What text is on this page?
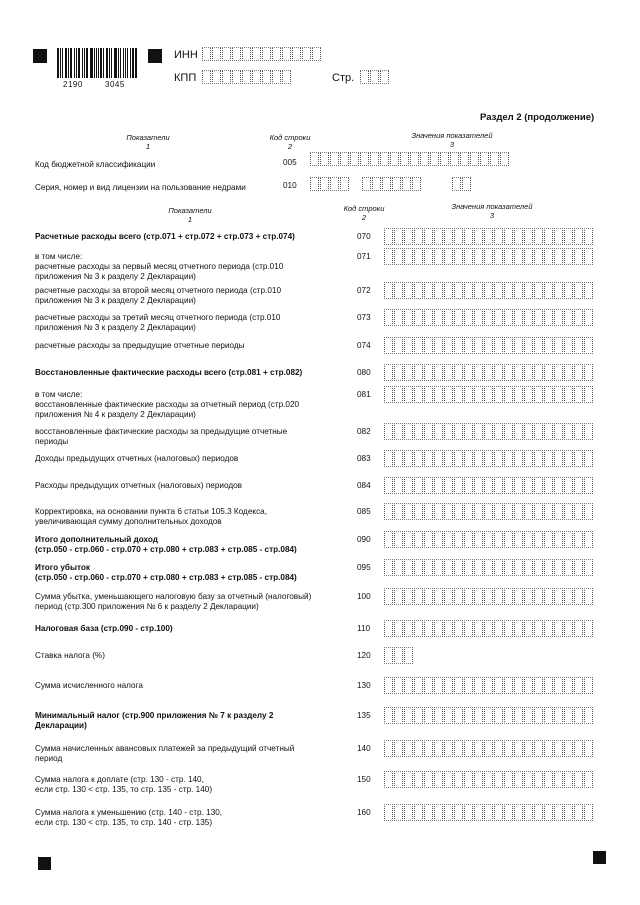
2190	3045
ИНН
КПП	Стр.
Раздел 2 (продолжение)
Показатели
1
Код строки
2
Значения показателей
3
Код бюджетной классификации	005
Серия, номер и вид лицензии на пользование недрами	010
Показатели
1
Код строки
2
Значения показателей
3
Расчетные расходы всего (стр.071 + стр.072 + стр.073 + стр.074)	070
в том числе:
расчетные расходы за первый месяц отчетного периода (стр.010
приложения № 3 к разделу 2 Декларации)
071
расчетные расходы за второй месяц отчетного периода (стр.010
приложения № 3 к разделу 2 Декларации)
072
расчетные расходы за третий месяц отчетного периода (стр.010
приложения № 3 к разделу 2 Декларации)
073
расчетные расходы за предыдущие отчетные периоды	074
Восстановленные фактические расходы всего (стр.081 + стр.082)	080
в том числе:
восстановленные фактические расходы за отчетный период (стр.020
приложения № 4 к разделу 2 Декларации)
081
восстановленные фактические расходы за предыдущие отчетные
периоды
082
Доходы предыдущих отчетных (налоговых) периодов	083
Расходы предыдущих отчетных (налоговых) периодов	084
Корректировка, на основании пункта 6 статьи 105.3 Кодекса,
увеличивающая сумму дополнительных доходов
085
Итого дополнительный доход
(стр.050 - стр.060 - стр.070 + стр.080 + стр.083 + стр.085 - стр.084)
090
Итого убыток
(стр.050 - стр.060 - стр.070 + стр.080 + стр.083 + стр.085 - стр.084)
095
Сумма убытка, уменьшающего налоговую базу за отчетный (налоговый)
период (стр.300 приложения № 6 к разделу 2 Декларации)
100
Налоговая база (стр.090 - стр.100)	110
Ставка налога (%)	120
Сумма исчисленного налога	130
Минимальный налог (стр.900 приложения № 7 к разделу 2
Декларации)
135
Сумма начисленных авансовых платежей за предыдущий отчетный
период
140
Сумма налога к доплате (стр. 130 - стр. 140,
если стр. 130 < стр. 135, то стр. 135 - стр. 140)
150
Сумма налога к уменьшению (стр. 140 - стр. 130,
если стр. 130 < стр. 135, то стр. 140 - стр. 135)
160
